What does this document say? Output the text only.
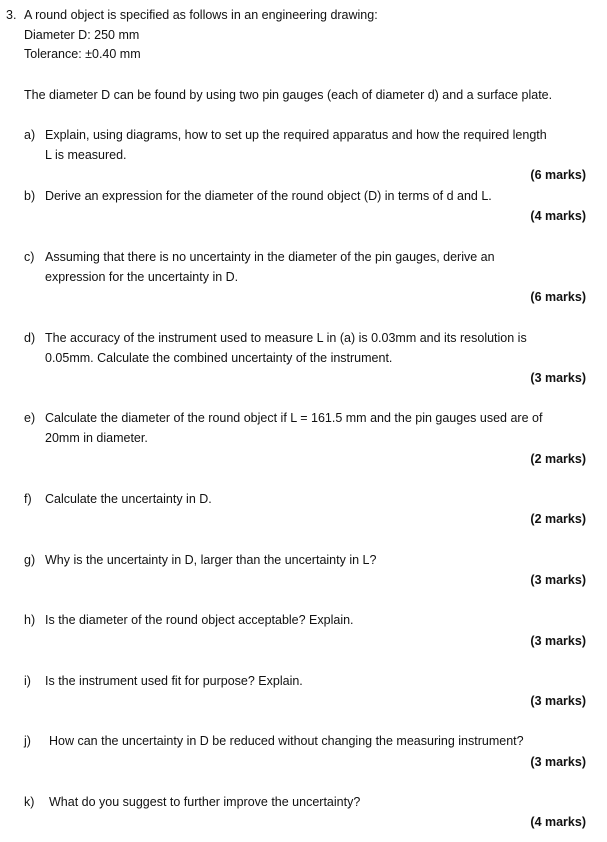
3. A round object is specified as follows in an engineering drawing:
Diameter D: 250 mm
Tolerance: ±0.40 mm
The diameter D can be found by using two pin gauges (each of diameter d) and a surface plate.
a) Explain, using diagrams, how to set up the required apparatus and how the required length
L is measured.
(6 marks)
b) Derive an expression for the diameter of the round object (D) in terms of d and L.
(4 marks)
c) Assuming that there is no uncertainty in the diameter of the pin gauges, derive an
expression for the uncertainty in D.
(6 marks)
d) The accuracy of the instrument used to measure L in (a) is 0.03mm and its resolution is
0.05mm. Calculate the combined uncertainty of the instrument.
(3 marks)
e) Calculate the diameter of the round object if L = 161.5 mm and the pin gauges used are of
20mm in diameter.
(2 marks)
f) Calculate the uncertainty in D.
(2 marks)
g) Why is the uncertainty in D, larger than the uncertainty in L?
(3 marks)
h) Is the diameter of the round object acceptable? Explain.
(3 marks)
i) Is the instrument used fit for purpose? Explain.
(3 marks)
j) How can the uncertainty in D be reduced without changing the measuring instrument?
(3 marks)
k) What do you suggest to further improve the uncertainty?
(4 marks)
